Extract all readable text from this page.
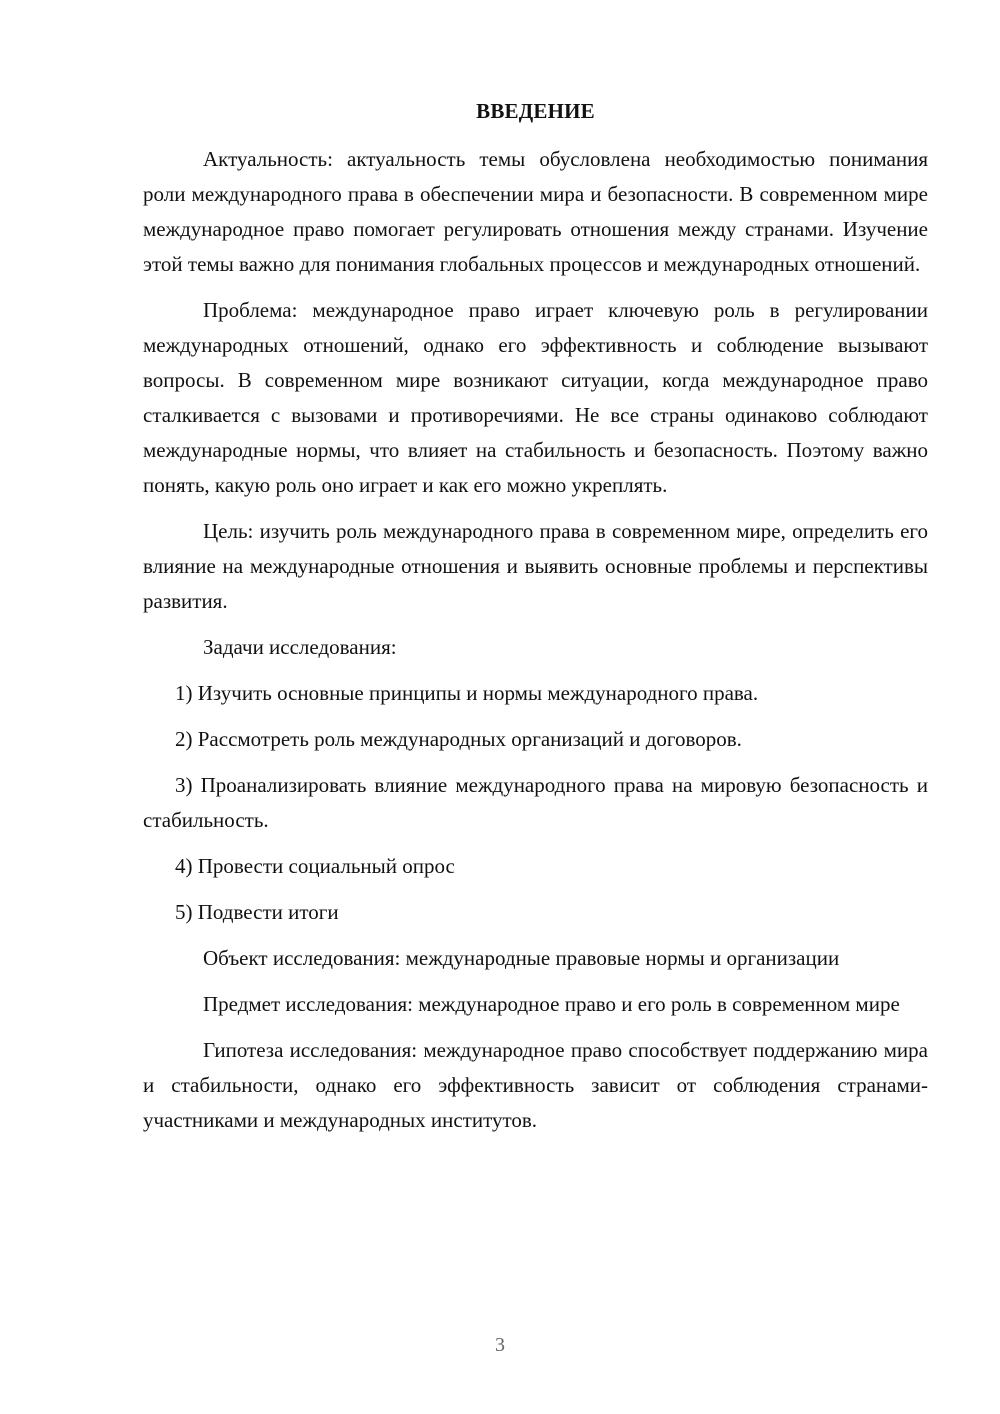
ВВЕДЕНИЕ

Актуальность: актуальность темы обусловлена необходимостью понимания роли международного права в обеспечении мира и безопасности. В современном мире международное право помогает регулировать отношения между странами. Изучение этой темы важно для понимания глобальных процессов и международных отношений.

Проблема: международное право играет ключевую роль в регулировании международных отношений, однако его эффективность и соблюдение вызывают вопросы. В современном мире возникают ситуации, когда международное право сталкивается с вызовами и противоречиями. Не все страны одинаково соблюдают международные нормы, что влияет на стабильность и безопасность. Поэтому важно понять, какую роль оно играет и как его можно укреплять.

Цель: изучить роль международного права в современном мире, определить его влияние на международные отношения и выявить основные проблемы и перспективы развития.

Задачи исследования:

1) Изучить основные принципы и нормы международного права.

2) Рассмотреть роль международных организаций и договоров.

3) Проанализировать влияние международного права на мировую безопасность и стабильность.

4) Провести социальный опрос

5) Подвести итоги

Объект исследования: международные правовые нормы и организации

Предмет исследования: международное право и его роль в современном мире

Гипотеза исследования: международное право способствует поддержанию мира и стабильности, однако его эффективность зависит от соблюдения странами-участниками и международных институтов.

3
